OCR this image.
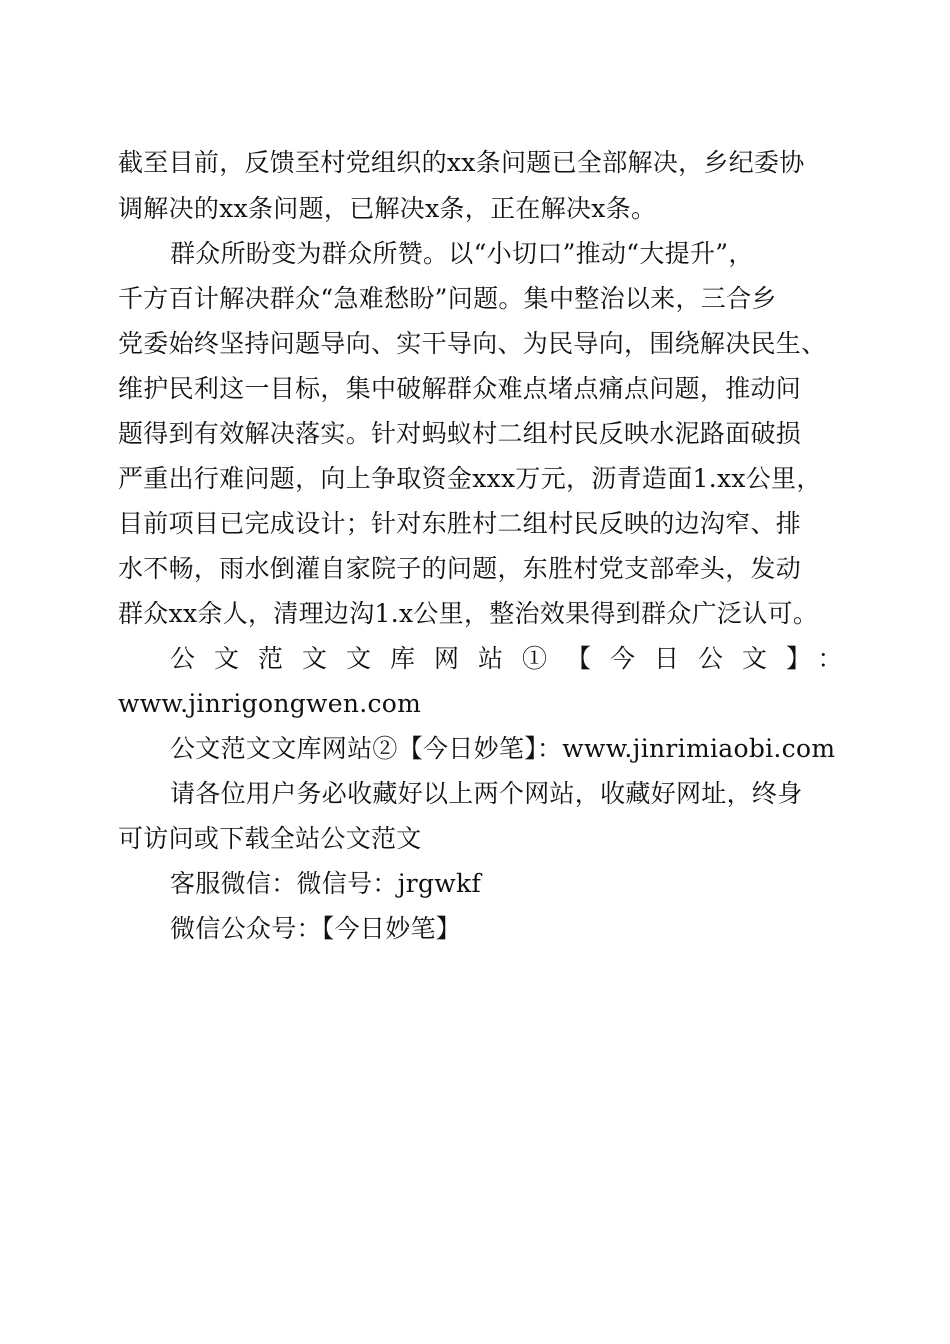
截至目前，反馈至村党组织的xx条问题已全部解决，乡纪委协
调解决的xx条问题，已解决x条，正在解决x条。
群众所盼变为群众所赞。以“小切口”推动“大提升”，
千方百计解决群众“急难愁盼”问题。集中整治以来，三合乡
党委始终坚持问题导向、实干导向、为民导向，围绕解决民生、
维护民利这一目标，集中破解群众难点堵点痛点问题，推动问
题得到有效解决落实。针对蚂蚁村二组村民反映水泥路面破损
严重出行难问题，向上争取资金xxx万元，沥青造面1.xx公里，
目前项目已完成设计；针对东胜村二组村民反映的边沟窄、排
水不畅，雨水倒灌自家院子的问题，东胜村党支部牵头，发动
群众xx余人，清理边沟1.x公里，整治效果得到群众广泛认可。
公文范文文库网站①【今日公文】：
www.jinrigongwen.com
公文范文文库网站②【今日妙笔】：www.jinrimiaobi.com
请各位用户务必收藏好以上两个网站，收藏好网址，终身
可访问或下载全站公文范文
客服微信：微信号：jrgwkf
微信公众号：【今日妙笔】
